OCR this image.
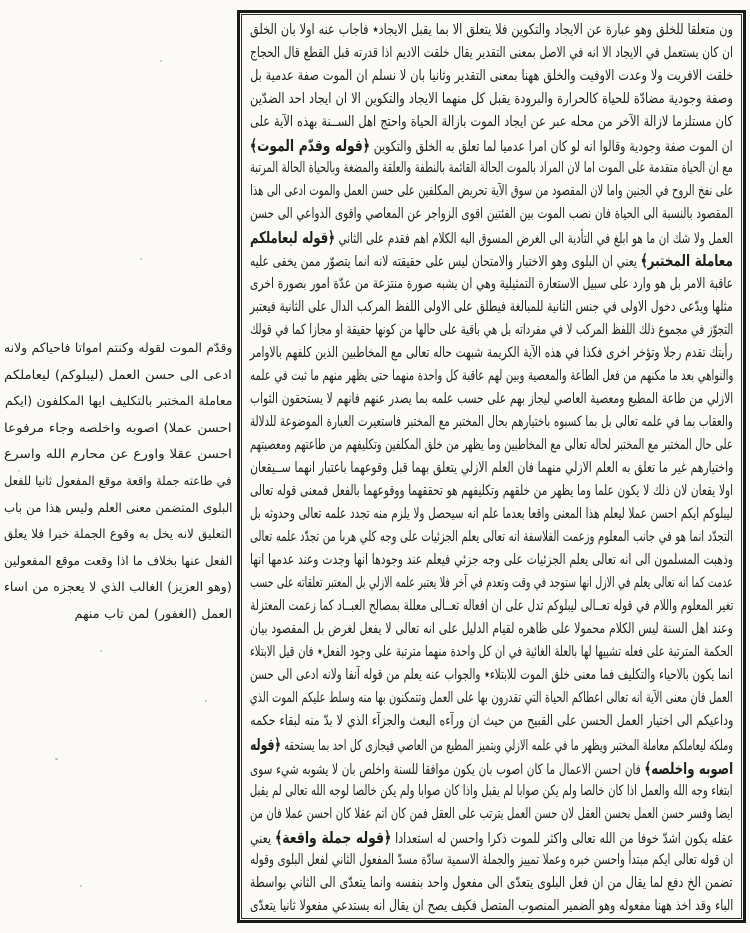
وقدّم الموت لقوله وكنتم امواتا فاحياكم ولانه
ادعى الى حسن العمل (ليبلوكم) ليعاملكم
معاملة المختبر بالتكليف ايها المكلفون (ايكم
احسن عملا) اصوبه واخلصه وجاء مرفوعا
احسن عقلا واورع عن محارم الله واسرع
في طاعته جملة واقعة موقع المفعول ثانيا للفعل
البلوى المتضمن معنى العلم وليس هذا من باب
التعليق لانه يخل به وقوع الجملة خبرا فلا يعلق
الفعل عنها بخلاف ما اذا وقعت موقع المفعولين
(وهو العزيز) الغالب الذي لا يعجزه من اساء
العمل (الغفور) لمن تاب منهم
ون متعلقا للخلق وهو عبارة عن الايجاد والتكوين فلا يتعلق الا بما يقبل الايجاد٭ فاجاب عنه اولا بان الخلق
ان كان يستعمل في الايجاد الا انه في الاصل بمعنى التقدير يقال خلقت الاديم اذا قدرته قبل القطع قال الحجاج
خلقت الافريت ولا وعدت الاوفيت والخلق ههنا بمعنى التقدير وثانيا بان لا نسلم ان الموت صفة عدمية بل
وصفة وجودية مضادّة للحياة كالحرارة والبرودة يقبل كل منهما الايجاد والتكوين الا ان ايجاد احد الضدّين
كان مستلزما لازالة الآخر من محله عبر عن ايجاد الموت بازالة الحياة واحتج اهل الســنة بهذه الآية على
ان الموت صفة وجودية وقالوا انه لو كان امرا عدميا لما تعلق به الخلق والتكوين ﴿قوله وقدّم الموت﴾
مع ان الحياة متقدمة على الموت اما لان المراد بالموت الحالة القائمة بالنطفة والعلقة والمضغة وبالحياة الحالة المرتبة
على نفخ الروح في الجنين واما لان المقصود من سوق الآية تحريض المكلفين على حسن العمل والموت ادعى الى هذا
المقصود بالنسبة الى الحياة فان نصب الموت بين الفئتين اقوى الزواجر عن المعاصي واقوى الدواعي الى حسن
العمل ولا شك ان ما هو ابلغ في التأدية الى الغرض المسوق اليه الكلام اهم فقدم على الثاني ﴿قوله ليعاملكم
معاملة المختبر﴾ يعني ان البلوى وهو الاختبار والامتحان ليس على حقيقته لانه انما يتصوّر ممن يخفى عليه
عاقبة الامر بل هو وارد على سبيل الاستعارة التمثيلية وهي ان يشبه صورة منتزعة من عدّة امور بصورة اخرى
مثلها ويدّعى دخول الاولى في جنس الثانية للمبالغة فيطلق على الاولى اللفظ المركب الدال على الثانية فيعتبر
التجوّز في مجموع ذلك اللفظ المركب لا في مفرداته بل هي باقية على حالها من كونها حقيقة او مجازا كما في قولك
رأيتك تقدم رجلا وتؤخر اخرى فكذا في هذه الآية الكريمة شبهت حاله تعالى مع المخاطبين الذين كلفهم بالاوامر
والنواهي بعد ما مكنهم من فعل الطاعة والمعصية وبين لهم عاقبة كل واحدة منهما حتى يظهر منهم ما ثبت في علمه
الازلي من طاعة المطيع ومعصية العاصي ليجاز بهم على حسب علمه بما يصدر عنهم فانهم لا يستحقون الثواب
والعقاب بما في علمه تعالى بل بما كسبوه باختيارهم بحال المختبر مع المختبر فاستعيرت العبارة الموضوعة للدلالة
على حال المختبر مع المختبر لحاله تعالى مع المخاطبين وما يظهر من خلق المكلفين وتكليفهم من طاعتهم ومعصيتهم
واختيارهم غير ما تعلق به العلم الازلي منهما فان العلم الازلي يتعلق بهما قبل وقوعهما باعتبار انهما ســيقعان
اولا يقعان لان ذلك لا يكون علما وما يظهر من خلقهم وتكليفهم هو تحققهما ووقوعهما بالفعل فمعنى قوله تعالى
ليبلوكم ايكم احسن عملا ليعلم هذا المعنى واقعا بعدما علم انه سيحصل ولا يلزم منه تجدد علمه تعالى وحدوثه بل
التجدّد انما هو في جانب المعلوم وزعمت الفلاسفة انه تعالى يعلم الجزئيات على وجه كلي هربا من تجدّد علمه تعالى
وذهبت المسلمون الى انه تعالى يعلم الجزئيات على وجه جزئي فيعلم عند وجودها انها وجدت وعند عدمها انها
عدمت كما انه تعالى يعلم في الازل انها ستوجد في وقت وتعدم في آخر فلا يعتبر علمه الازلي بل المعتبر تعلقاته على حسب
تغير المعلوم واللام في قوله تعــالى ليبلوكم تدل على ان افعاله تعــالى معللة بمصالح العبــاد كما زعمت المعتزلة
وعند اهل السنة ليس الكلام محمولا على ظاهره لقيام الدليل على انه تعالى لا يفعل لغرض بل المقصود بيان
الحكمة المترتبة على فعله تشبيها لها بالعلة الغائية في ان كل واحدة منهما مترتبة على وجود الفعل٭ فان قيل الابتلاء
انما يكون بالاحياء والتكليف فما معنى خلق الموت للابتلاء٭ والجواب عنه يعلم من قوله آنفا ولانه ادعى الى حسن
العمل فان معنى الآية انه تعالى اعطاكم الحياة التي تقدرون بها على العمل وتتمكنون بها منه وسلط عليكم الموت الذي
وداعيكم الى اختيار العمل الحسن على القبيح من حيث ان ورآءه البعث والجزآء الذي لا بدّ منه لبقاء حكمه
وملكه ليعاملكم معاملة المختبر ويظهر ما في علمه الازلي ويتميز المطيع من العاصي فيجازى كل احد بما يستحقه ﴿قوله
اصوبه واخلصه﴾ فان احسن الاعمال ما كان اصوب بان يكون موافقا للسنة واخلص بان لا يشوبه شيء سوى
ابتغاء وجه الله والعمل اذا كان خالصا ولم يكن صوابا لم يقبل واذا كان صوابا ولم يكن خالصا لوجه الله تعالى لم يقبل
ايضا وفسر حسن العمل بحسن العقل لان حسن العمل يترتب على العقل فمن كان اتم عقلا كان احسن عملا فان من
عقله يكون اشدّ خوفا من الله تعالى واكثر للموت ذكرا واحسن له استعدادا ﴿قوله جملة واقعة﴾ يعني
ان قوله تعالى ايكم مبتدأ واحسن خبره وعملا تمييز والجملة الاسمية سادّة مسدّ المفعول الثاني لفعل البلوى وقوله
تضمن الخ دفع لما يقال من ان فعل البلوى يتعدّى الى مفعول واحد بنفسه وانما يتعدّى الى الثاني بواسطة
الباء وقد اخذ ههنا مفعوله وهو الضمير المنصوب المتصل فكيف يصح ان يقال انه يستدعي مفعولا ثانيا يتعدّى
